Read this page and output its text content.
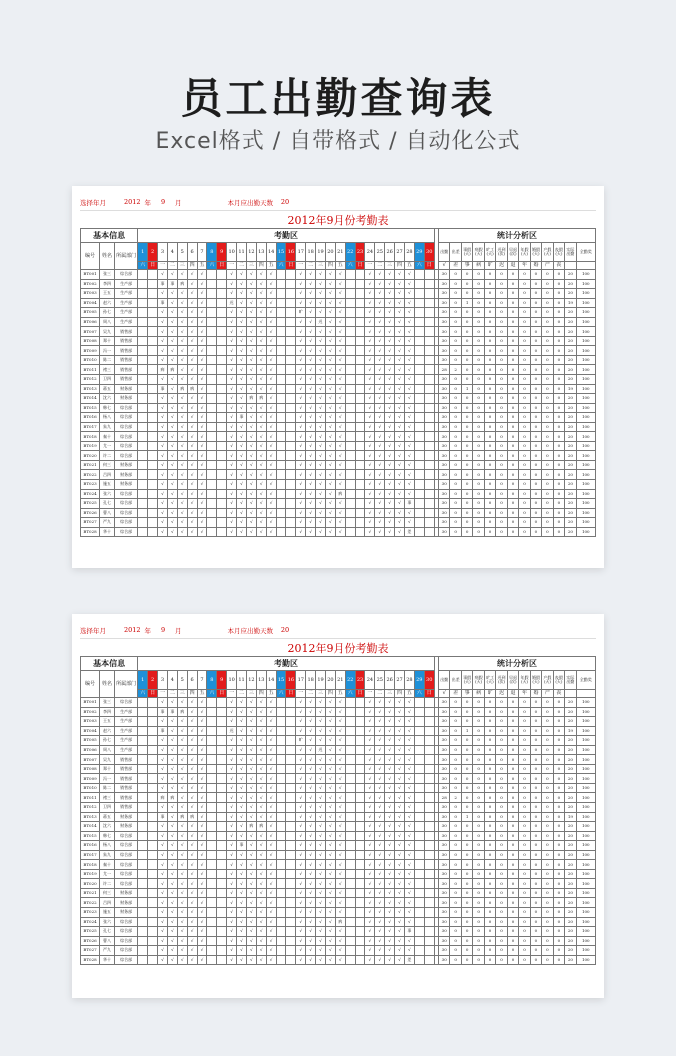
员工出勤查询表
Excel格式 / 自带格式 / 自动化公式
选择年月	2012 年	9	月	本月应出勤天数	20
2012年9月份考勤表
基本信息			考勤区																															统计分析区												
编号	姓名	所属部门	1	2	3	4	5	6	7	8	9	10	11	12	13	14	15	16	17	18	19	20	21	22	23	24	25	26	27	28	29	30		出勤	出差	事假(天)	病假(天)	旷工(天)	迟到(次)	早退(次)	年假(天)	婚假(天)	产假(天)	丧假(天)	实际出勤	全勤奖
			六	日	一	二	三	四	五	六	日	一	二	三	四	五	六	日	一	二	三	四	五	六	日	一	二	三	四	五	六	日		√	差	事	病	旷	迟	退	年	婚	产	丧		
BT001	张三	综合部			√	√	√	√	√			√	√	√	√	√			√	√	√	√	√			√	√	√	√	√				30	0	0	0	0	0	0	0	0	0	0	20	100
BT002	李四	生产部			事	事	病	√	√			√	√	√	√	√			√	√	√	√	√			√	√	√	√	√				30	0	0	0	0	0	0	0	0	0	0	20	100
BT003	王五	生产部			√	√	√	√	√			√	√	√	√	√			√	√	√	√	√			√	√	√	√	√				30	0	0	0	0	0	0	0	0	0	0	20	100
BT004	赵六	生产部			事	√	√	√	√			迟	√	√	√	√			√	√	√	√	√			√	√	√	√	√				30	0	1	0	0	0	0	0	0	0	0	19	100
BT005	孙七	生产部			√	√	√	√	√			√	√	√	√	√			旷	√	√	√	√			√	√	√	√	√				30	0	0	0	0	0	0	0	0	0	0	20	100
BT006	周八	生产部			√	√	√	√	√			√	√	√	√	√			√	√	迟	√	√			√	√	√	√	√				30	0	0	0	0	0	0	0	0	0	0	20	100
BT007	吴九	销售部			√	√	√	√	√			√	√	√	√	√			√	√	√	√	√			√	√	√	√	√				30	0	0	0	0	0	0	0	0	0	0	20	100
BT008	郑十	销售部			√	√	√	√	√			√	√	√	√	√			√	√	√	√	√			√	√	√	√	√				30	0	0	0	0	0	0	0	0	0	0	20	100
BT009	冯一	销售部			√	√	√	√	√			√	√	√	√	√			√	√	√	√	√			√	√	√	√	√				30	0	0	0	0	0	0	0	0	0	0	20	100
BT010	陈二	销售部			√	√	√	√	√			√	√	√	√	√			√	√	√	√	√			√	√	√	√	√				30	0	0	0	0	0	0	0	0	0	0	20	100
BT011	褚三	销售部			病	病	√	√	√			√	√	√	√	√			√	√	√	√	√			√	√	√	√	√				28	2	0	0	0	0	0	0	0	0	0	20	100
BT012	卫四	销售部			√	√	√	√	√			√	√	√	√	√			√	√	√	√	√			√	√	√	√	√				30	0	0	0	0	0	0	0	0	0	0	20	100
BT013	蒋五	财务部			事	√	病	病	√			√	√	√	√	√			√	√	√	√	√			√	√	√	√	√				30	0	1	0	0	0	0	0	0	0	0	19	100
BT014	沈六	财务部			√	√	√	√	√			√	√	病	病	√			√	√	√	√	√			√	√	√	√	√				30	0	0	0	0	0	0	0	0	0	0	20	100
BT015	韩七	综合部			√	√	√	√	√			√	√	√	√	√			√	√	√	√	√			√	√	√	√	√				30	0	0	0	0	0	0	0	0	0	0	20	100
BT016	杨八	综合部			√	√	√	√	√			√	事	√	√	√			√	√	√	√	√			√	√	√	√	√				30	0	0	0	0	0	0	0	0	0	0	20	100
BT017	朱九	综合部			√	√	√	√	√			√	√	√	√	√			√	√	√	√	√			√	√	√	√	√				30	0	0	0	0	0	0	0	0	0	0	20	100
BT018	秦十	综合部			√	√	√	√	√			√	√	√	√	√			√	√	√	√	√			√	√	√	√	√				30	0	0	0	0	0	0	0	0	0	0	20	100
BT019	尤一	综合部			√	√	√	√	√			√	√	√	√	√			√	√	√	√	√			√	√	√	√	√				30	0	0	0	0	0	0	0	0	0	0	20	100
BT020	许二	综合部			√	√	√	√	√			√	√	√	√	√			√	√	√	√	√			√	√	√	√	√				30	0	0	0	0	0	0	0	0	0	0	20	100
BT021	何三	财务部			√	√	√	√	√			√	√	√	√	√			√	√	√	√	√			√	√	√	√	√				30	0	0	0	0	0	0	0	0	0	0	20	100
BT022	吕四	财务部			√	√	√	√	√			√	√	√	√	√			√	√	√	√	√			√	√	√	√	√				30	0	0	0	0	0	0	0	0	0	0	20	100
BT023	施五	财务部			√	√	√	√	√			√	√	√	√	√			√	√	√	√	√			√	√	√	√	√				30	0	0	0	0	0	0	0	0	0	0	20	100
BT024	张六	综合部			√	√	√	√	√			√	√	√	√	√			√	√	√	√	病			√	√	√	√	√				30	0	0	0	0	0	0	0	0	0	0	20	100
BT025	孔七	综合部			√	√	√	√	√			√	√	√	√	√			√	√	√	√	√			√	√	√	√	事				30	0	0	0	0	0	0	0	0	0	0	20	100
BT026	曹八	综合部			√	√	√	√	√			√	√	√	√	√			√	√	√	√	√			√	√	√	√	√				30	0	0	0	0	0	0	0	0	0	0	20	100
BT027	严九	综合部			√	√	√	√	√			√	√	√	√	√			√	√	√	√	√			√	√	√	√	√				30	0	0	0	0	0	0	0	0	0	0	20	100
BT028	华十	综合部			√	√	√	√	√			√	√	√	√	√			√	√	√	√	√			√	√	√	√	差				30	0	0	0	0	0	0	0	0	0	0	20	100
选择年月	2012 年	9	月	本月应出勤天数	20
2012年9月份考勤表
基本信息			考勤区																															统计分析区												
编号	姓名	所属部门	1	2	3	4	5	6	7	8	9	10	11	12	13	14	15	16	17	18	19	20	21	22	23	24	25	26	27	28	29	30		出勤	出差	事假(天)	病假(天)	旷工(天)	迟到(次)	早退(次)	年假(天)	婚假(天)	产假(天)	丧假(天)	实际出勤	全勤奖
			六	日	一	二	三	四	五	六	日	一	二	三	四	五	六	日	一	二	三	四	五	六	日	一	二	三	四	五	六	日		√	差	事	病	旷	迟	退	年	婚	产	丧		
BT001	张三	综合部			√	√	√	√	√			√	√	√	√	√			√	√	√	√	√			√	√	√	√	√				30	0	0	0	0	0	0	0	0	0	0	20	100
BT002	李四	生产部			事	事	病	√	√			√	√	√	√	√			√	√	√	√	√			√	√	√	√	√				30	0	0	0	0	0	0	0	0	0	0	20	100
BT003	王五	生产部			√	√	√	√	√			√	√	√	√	√			√	√	√	√	√			√	√	√	√	√				30	0	0	0	0	0	0	0	0	0	0	20	100
BT004	赵六	生产部			事	√	√	√	√			迟	√	√	√	√			√	√	√	√	√			√	√	√	√	√				30	0	1	0	0	0	0	0	0	0	0	19	100
BT005	孙七	生产部			√	√	√	√	√			√	√	√	√	√			旷	√	√	√	√			√	√	√	√	√				30	0	0	0	0	0	0	0	0	0	0	20	100
BT006	周八	生产部			√	√	√	√	√			√	√	√	√	√			√	√	迟	√	√			√	√	√	√	√				30	0	0	0	0	0	0	0	0	0	0	20	100
BT007	吴九	销售部			√	√	√	√	√			√	√	√	√	√			√	√	√	√	√			√	√	√	√	√				30	0	0	0	0	0	0	0	0	0	0	20	100
BT008	郑十	销售部			√	√	√	√	√			√	√	√	√	√			√	√	√	√	√			√	√	√	√	√				30	0	0	0	0	0	0	0	0	0	0	20	100
BT009	冯一	销售部			√	√	√	√	√			√	√	√	√	√			√	√	√	√	√			√	√	√	√	√				30	0	0	0	0	0	0	0	0	0	0	20	100
BT010	陈二	销售部			√	√	√	√	√			√	√	√	√	√			√	√	√	√	√			√	√	√	√	√				30	0	0	0	0	0	0	0	0	0	0	20	100
BT011	褚三	销售部			病	病	√	√	√			√	√	√	√	√			√	√	√	√	√			√	√	√	√	√				28	2	0	0	0	0	0	0	0	0	0	20	100
BT012	卫四	销售部			√	√	√	√	√			√	√	√	√	√			√	√	√	√	√			√	√	√	√	√				30	0	0	0	0	0	0	0	0	0	0	20	100
BT013	蒋五	财务部			事	√	病	病	√			√	√	√	√	√			√	√	√	√	√			√	√	√	√	√				30	0	1	0	0	0	0	0	0	0	0	19	100
BT014	沈六	财务部			√	√	√	√	√			√	√	病	病	√			√	√	√	√	√			√	√	√	√	√				30	0	0	0	0	0	0	0	0	0	0	20	100
BT015	韩七	综合部			√	√	√	√	√			√	√	√	√	√			√	√	√	√	√			√	√	√	√	√				30	0	0	0	0	0	0	0	0	0	0	20	100
BT016	杨八	综合部			√	√	√	√	√			√	事	√	√	√			√	√	√	√	√			√	√	√	√	√				30	0	0	0	0	0	0	0	0	0	0	20	100
BT017	朱九	综合部			√	√	√	√	√			√	√	√	√	√			√	√	√	√	√			√	√	√	√	√				30	0	0	0	0	0	0	0	0	0	0	20	100
BT018	秦十	综合部			√	√	√	√	√			√	√	√	√	√			√	√	√	√	√			√	√	√	√	√				30	0	0	0	0	0	0	0	0	0	0	20	100
BT019	尤一	综合部			√	√	√	√	√			√	√	√	√	√			√	√	√	√	√			√	√	√	√	√				30	0	0	0	0	0	0	0	0	0	0	20	100
BT020	许二	综合部			√	√	√	√	√			√	√	√	√	√			√	√	√	√	√			√	√	√	√	√				30	0	0	0	0	0	0	0	0	0	0	20	100
BT021	何三	财务部			√	√	√	√	√			√	√	√	√	√			√	√	√	√	√			√	√	√	√	√				30	0	0	0	0	0	0	0	0	0	0	20	100
BT022	吕四	财务部			√	√	√	√	√			√	√	√	√	√			√	√	√	√	√			√	√	√	√	√				30	0	0	0	0	0	0	0	0	0	0	20	100
BT023	施五	财务部			√	√	√	√	√			√	√	√	√	√			√	√	√	√	√			√	√	√	√	√				30	0	0	0	0	0	0	0	0	0	0	20	100
BT024	张六	综合部			√	√	√	√	√			√	√	√	√	√			√	√	√	√	病			√	√	√	√	√				30	0	0	0	0	0	0	0	0	0	0	20	100
BT025	孔七	综合部			√	√	√	√	√			√	√	√	√	√			√	√	√	√	√			√	√	√	√	事				30	0	0	0	0	0	0	0	0	0	0	20	100
BT026	曹八	综合部			√	√	√	√	√			√	√	√	√	√			√	√	√	√	√			√	√	√	√	√				30	0	0	0	0	0	0	0	0	0	0	20	100
BT027	严九	综合部			√	√	√	√	√			√	√	√	√	√			√	√	√	√	√			√	√	√	√	√				30	0	0	0	0	0	0	0	0	0	0	20	100
BT028	华十	综合部			√	√	√	√	√			√	√	√	√	√			√	√	√	√	√			√	√	√	√	差				30	0	0	0	0	0	0	0	0	0	0	20	100
